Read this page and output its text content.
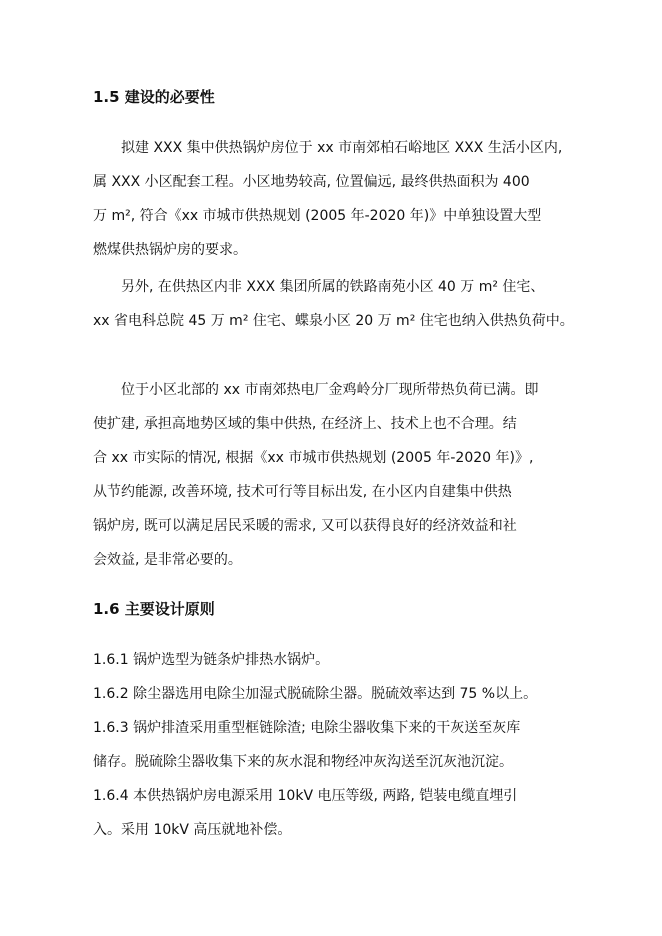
1.5 建设的必要性

拟建 XXX 集中供热锅炉房位于 xx 市南郊柏石峪地区 XXX 生活小区内,

属 XXX 小区配套工程。小区地势较高, 位置偏远, 最终供热面积为 400

万 m², 符合《xx 市城市供热规划 (2005 年-2020 年)》中单独设置大型

燃煤供热锅炉房的要求。

另外, 在供热区内非 XXX 集团所属的铁路南苑小区 40 万 m² 住宅、

xx 省电科总院 45 万 m² 住宅、蝶泉小区 20 万 m² 住宅也纳入供热负荷中。

位于小区北部的 xx 市南郊热电厂金鸡岭分厂现所带热负荷已满。即

使扩建, 承担高地势区域的集中供热, 在经济上、技术上也不合理。结

合 xx 市实际的情况, 根据《xx 市城市供热规划 (2005 年-2020 年)》,

从节约能源, 改善环境, 技术可行等目标出发, 在小区内自建集中供热

锅炉房, 既可以满足居民采暖的需求, 又可以获得良好的经济效益和社

会效益, 是非常必要的。

1.6 主要设计原则

1.6.1 锅炉选型为链条炉排热水锅炉。

1.6.2 除尘器选用电除尘加湿式脱硫除尘器。脱硫效率达到 75 %以上。

1.6.3 锅炉排渣采用重型框链除渣; 电除尘器收集下来的干灰送至灰库

储存。脱硫除尘器收集下来的灰水混和物经冲灰沟送至沉灰池沉淀。

1.6.4 本供热锅炉房电源采用 10kV 电压等级, 两路, 铠装电缆直埋引

入。采用 10kV 高压就地补偿。
